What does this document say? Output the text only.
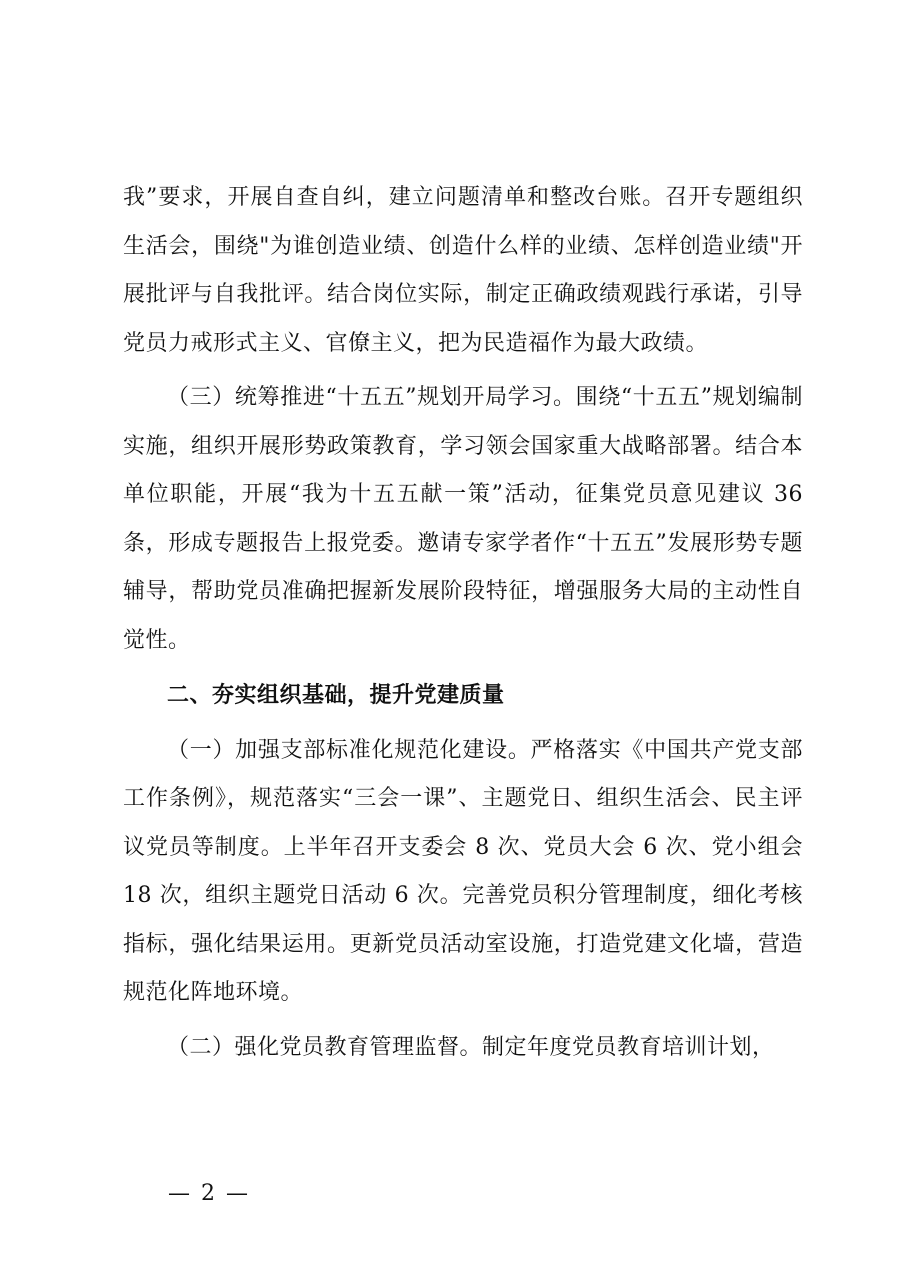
我”要求，开展自查自纠，建立问题清单和整改台账。召开专题组织生活会，围绕"为谁创造业绩、创造什么样的业绩、怎样创造业绩"开展批评与自我批评。结合岗位实际，制定正确政绩观践行承诺，引导党员力戒形式主义、官僚主义，把为民造福作为最大政绩。

（三）统筹推进“十五五”规划开局学习。围绕“十五五”规划编制实施，组织开展形势政策教育，学习领会国家重大战略部署。结合本单位职能，开展“我为十五五献一策”活动，征集党员意见建议 36 条，形成专题报告上报党委。邀请专家学者作“十五五”发展形势专题辅导，帮助党员准确把握新发展阶段特征，增强服务大局的主动性自觉性。

二、夯实组织基础，提升党建质量

（一）加强支部标准化规范化建设。严格落实《中国共产党支部工作条例》，规范落实“三会一课”、主题党日、组织生活会、民主评议党员等制度。上半年召开支委会 8 次、党员大会 6 次、党小组会 18 次，组织主题党日活动 6 次。完善党员积分管理制度，细化考核指标，强化结果运用。更新党员活动室设施，打造党建文化墙，营造规范化阵地环境。

（二）强化党员教育管理监督。制定年度党员教育培训计划，

— 2 —
